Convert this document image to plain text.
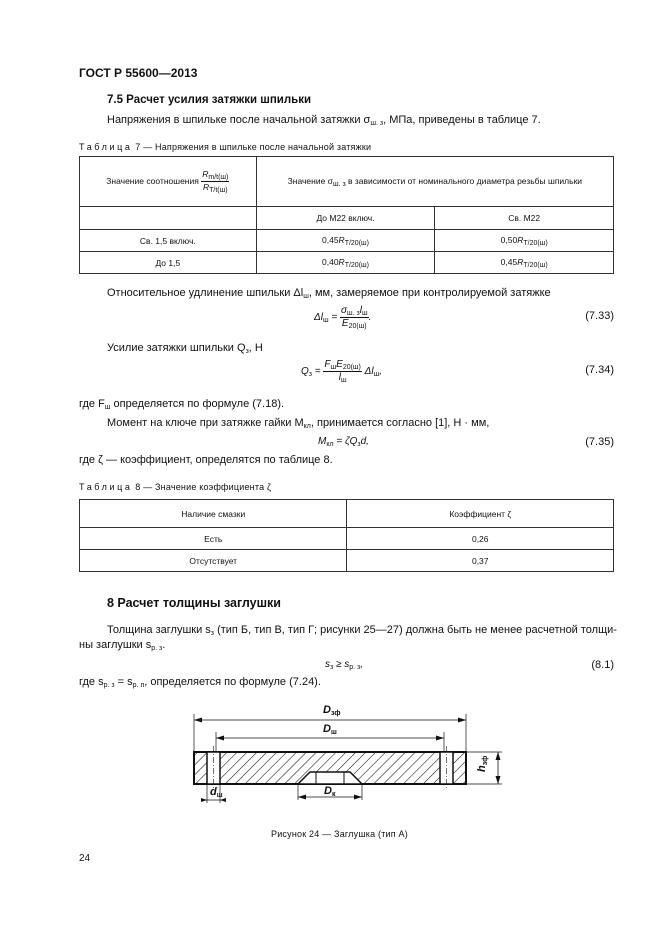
ГОСТ Р 55600—2013
7.5 Расчет усилия затяжки шпильки
Напряжения в шпильке после начальной затяжки $\sigma_{ш. з}$, МПа, приведены в таблице 7.
Таблица 7 — Напряжения в шпильке после начальной затяжки
Значение соотношения $\frac{R_{m/t(ш)}}{R_{T/t(ш)}}$	Значение $\sigma_{ш. з}$ в зависимости от номинального диаметра резьбы шпильки	
	До М22 включ.	Св. М22
Св. 1,5 включ.	$0,45R_{T/20(ш)}$	$0,50R_{T/20(ш)}$
До 1,5	$0,40R_{T/20(ш)}$	$0,45R_{T/20(ш)}$
Относительное удлинение шпильки $\Delta l_ш$, мм, замеряемое при контролируемой затяжке
$\Delta l_ш = \frac{\sigma_{ш. з}l_ш}{E_{20(ш)}}$ .	(7.33)
Усилие затяжки шпильки $Q_з$, Н
$Q_з = \frac{F_шE_{20(ш)}}{l_ш} \Delta l_ш$,	(7.34)
где $F_ш$ определяется по формуле (7.18).
Момент на ключе при затяжке гайки $M_{кл}$, принимается согласно [1], Н · мм,
$M_{кл} = \zeta Q_зd$,	(7.35)
где ζ — коэффициент, определятся по таблице 8.
Таблица 8 — Значение коэффициента ζ
Наличие смазки	Коэффициент ζ
Есть	0,26
Отсутствует	0,37
8 Расчет толщины заглушки
Толщина заглушки $s_з$ (тип Б, тип В, тип Г; рисунки 25—27) должна быть не менее расчетной толщи-
ны заглушки $s_{р. з}$.
$s_з \ge s_{р. з}$,	(8.1)
где $s_{р. з} = s_{р. п}$, определяется по формуле (7.24).
$D_{зф}$
$D_ш$
$D_к$
$d_ш$
$h_{зф}$
Рисунок 24 — Заглушка (тип А)
24
